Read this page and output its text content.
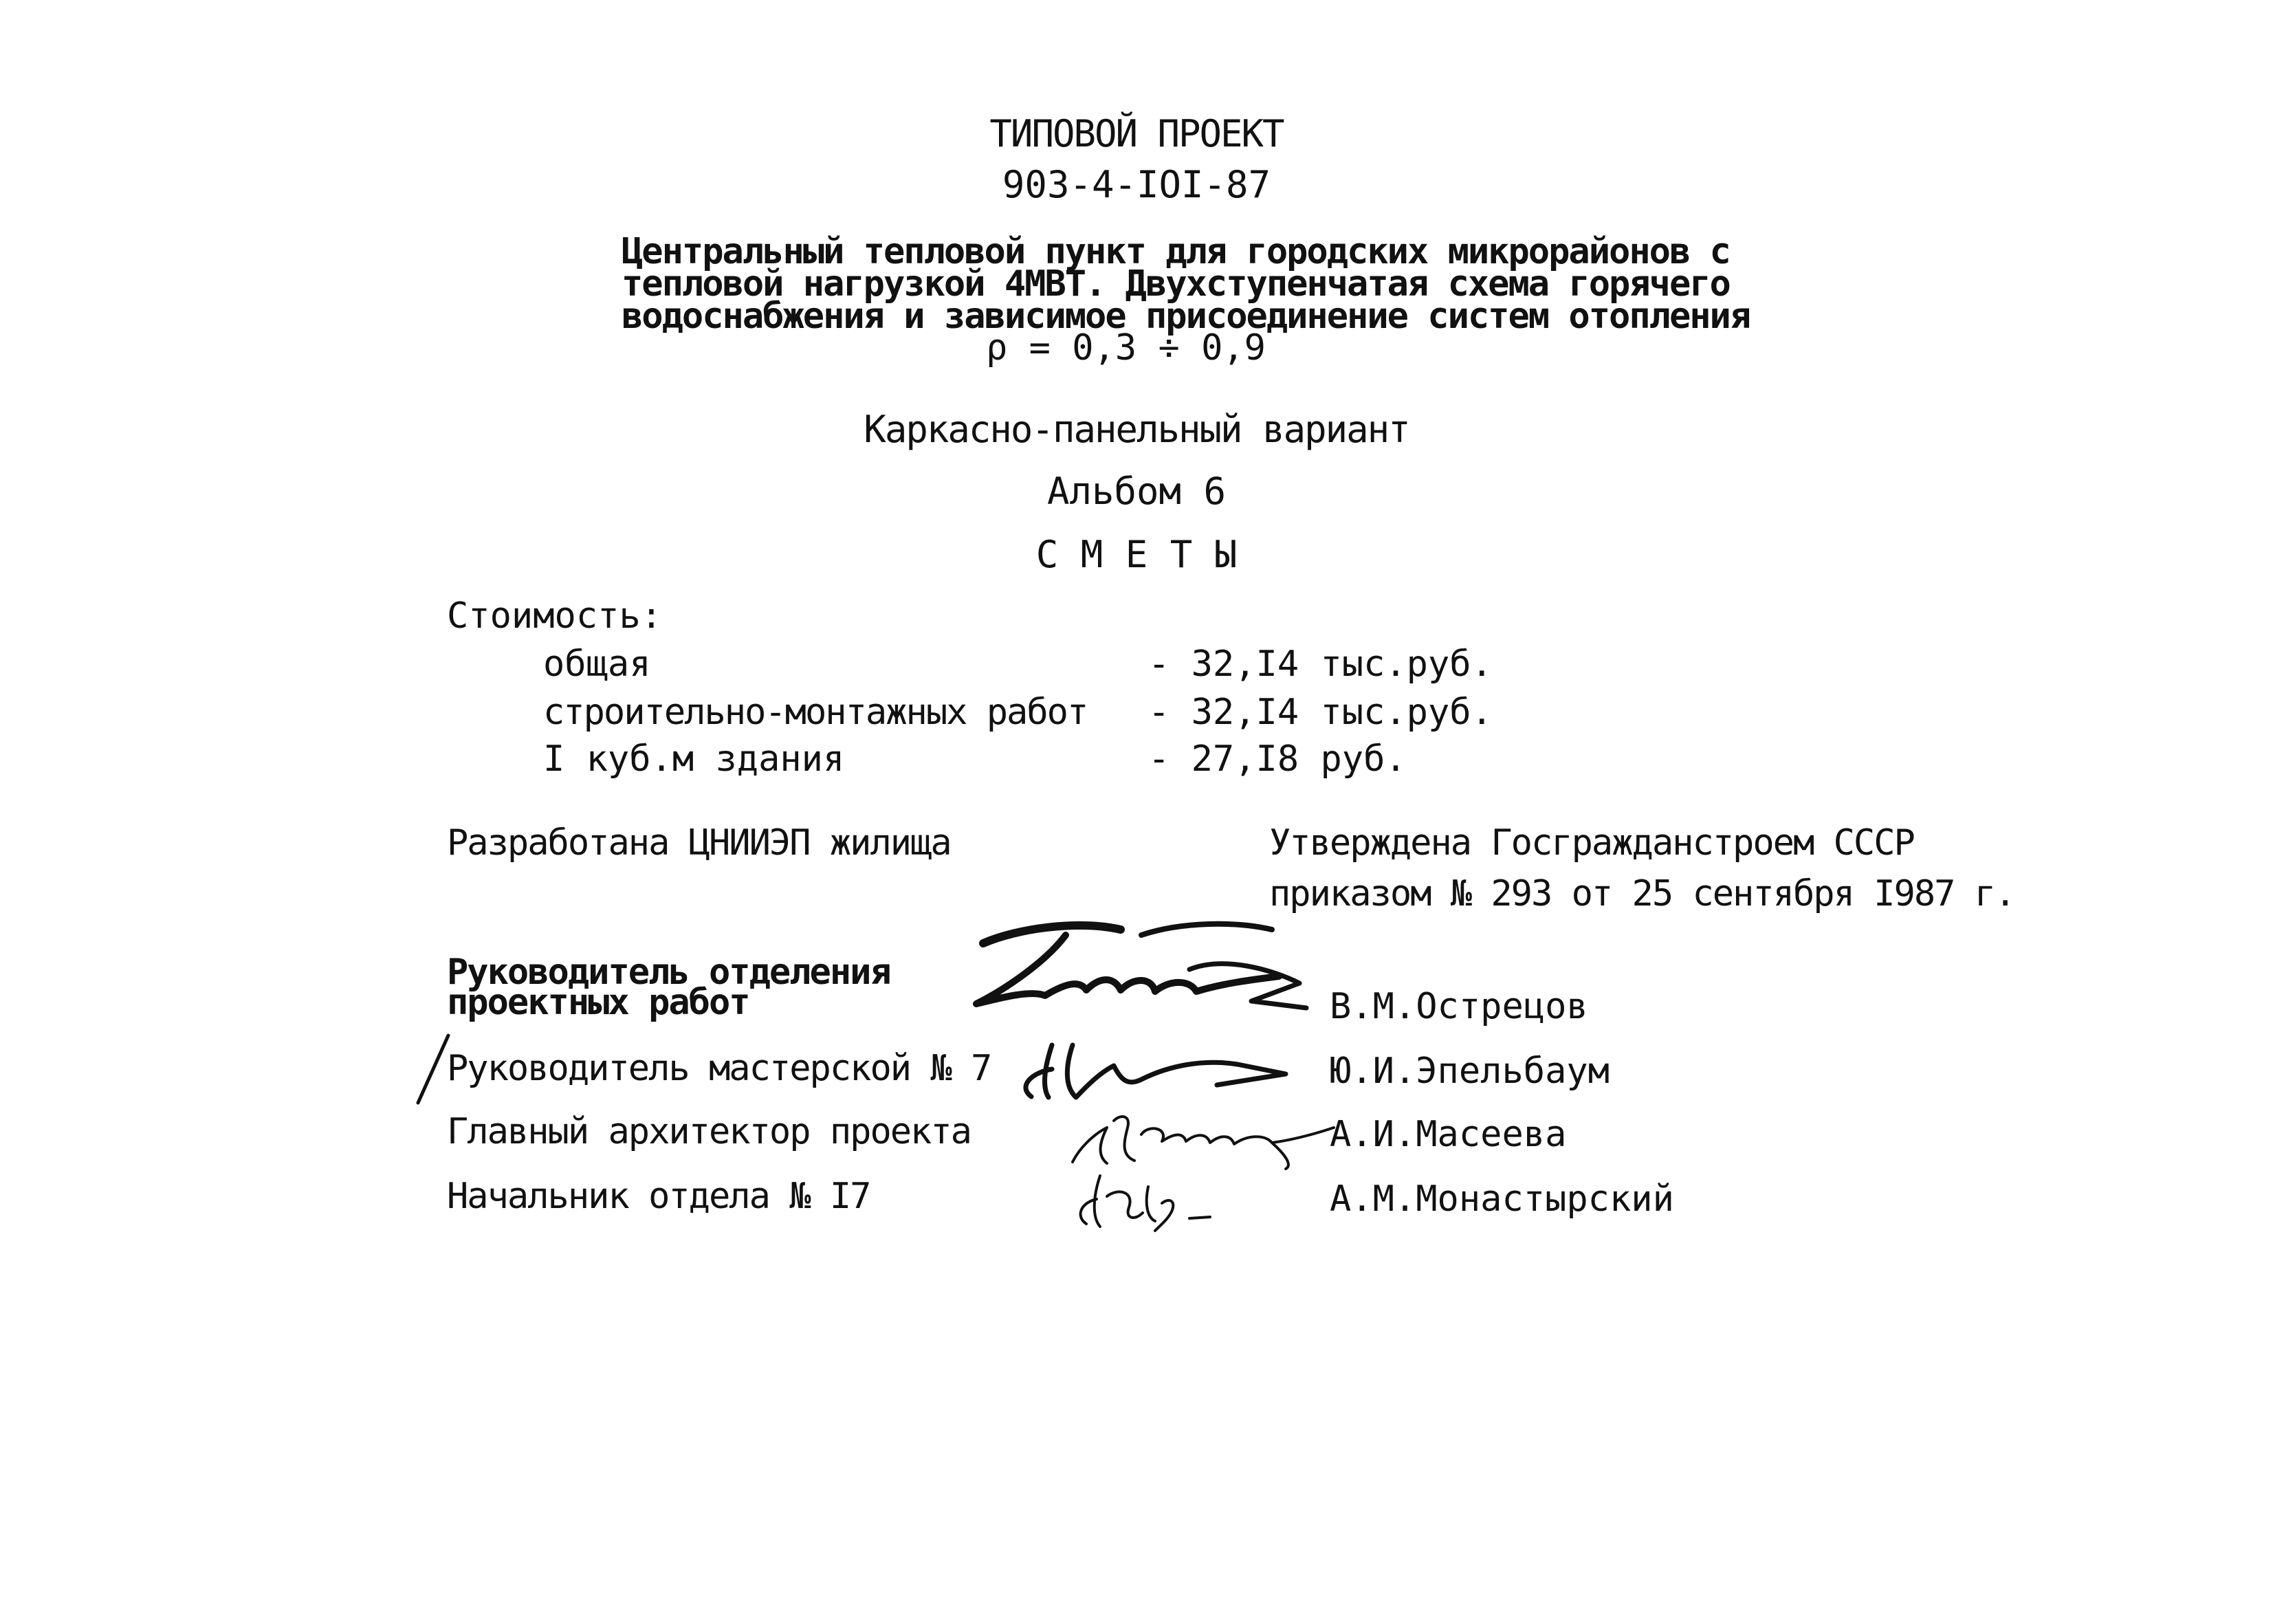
ТИПОВОЙ ПРОЕКТ
903-4-IOI-87
Центральный тепловой пункт для городских микрорайонов с
тепловой нагрузкой 4МВТ. Двухступенчатая схема горячего
водоснабжения и зависимое присоединение систем отопления
ρ = 0,3 ÷ 0,9
Каркасно-панельный вариант
Альбом 6
С М Е Т Ы
Стоимость:
общая	- 32,I4 тыс.руб.
строительно-монтажных работ - 32,I4 тыс.руб.
I куб.м здания	- 27,I8 руб.
Разработана ЦНИИЭП жилища	Утверждена Госгражданстроем СССР
приказом № 293 от 25 сентября I987 г.
Руководитель отделения
проектных работ	В.М.Острецов
Руководитель мастерской № 7	Ю.И.Эпельбаум
Главный архитектор проекта	А.И.Масеева
Начальник отдела № I7	А.М.Монастырский
